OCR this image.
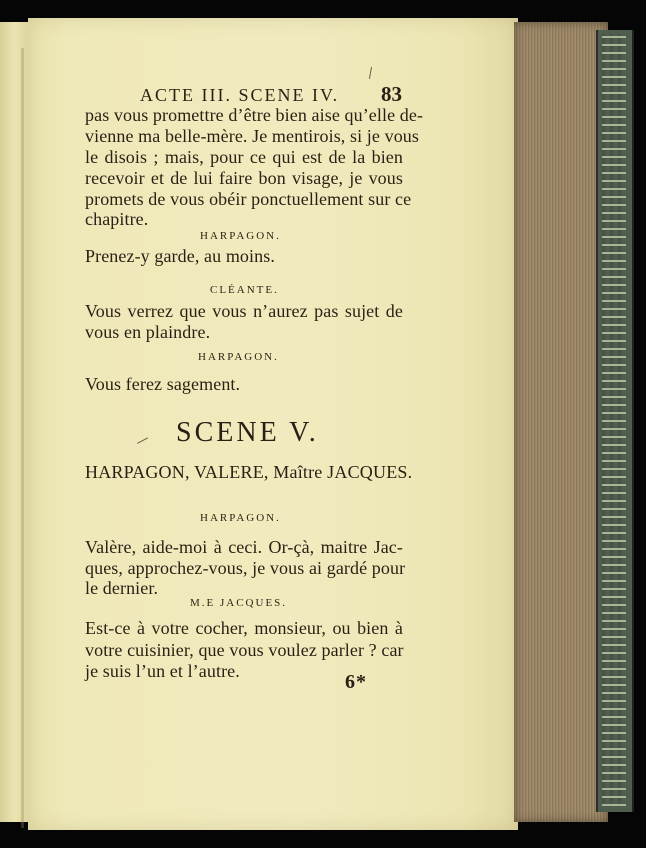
ACTE III. SCENE IV.	83
pas vous promettre d’être bien aise qu’elle de-
vienne ma belle-mère. Je mentirois, si je vous
le disois ; mais, pour ce qui est de la bien
recevoir et de lui faire bon visage, je vous
promets de vous obéir ponctuellement sur ce
chapitre.
HARPAGON.
Prenez-y garde, au moins.
CLÉANTE.
Vous verrez que vous n’aurez pas sujet de
vous en plaindre.
HARPAGON.
Vous ferez sagement.
SCENE V.
HARPAGON, VALERE, Maître JACQUES.
HARPAGON.
Valère, aide-moi à ceci. Or-çà, maitre Jac-
ques, approchez-vous, je vous ai gardé pour
le dernier.
M.E JACQUES.
Est-ce à votre cocher, monsieur, ou bien à
votre cuisinier, que vous voulez parler ? car
je suis l’un et l’autre.	6*
